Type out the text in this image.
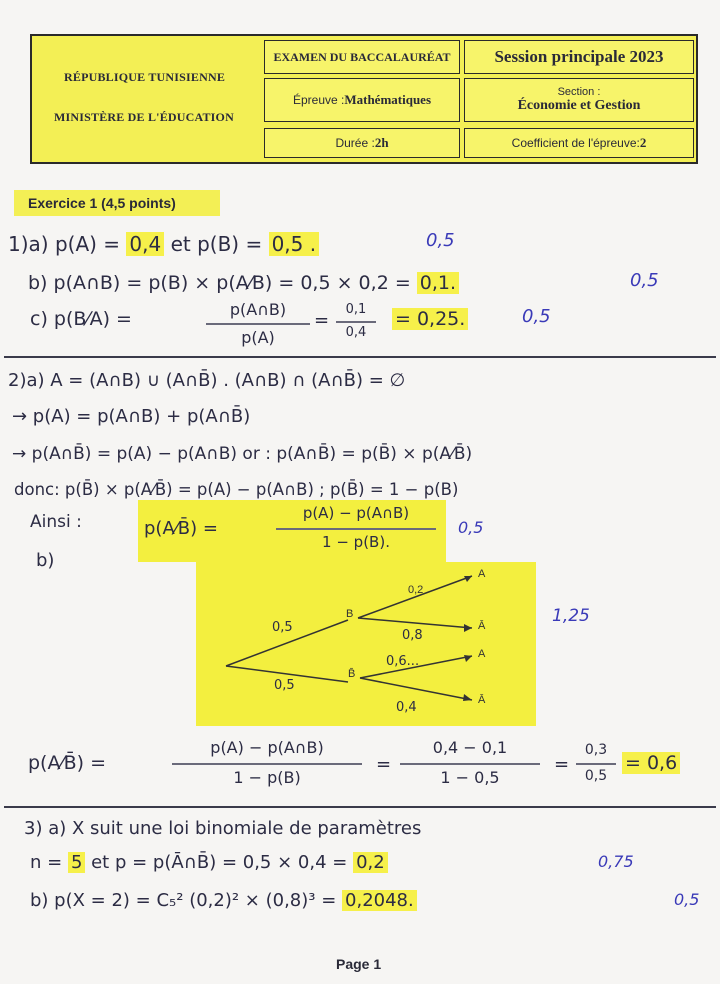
RÉPUBLIQUE TUNISIENNE
MINISTÈRE DE L'ÉDUCATION
EXAMEN DU BACCALAURÉAT	Session principale 2023
Épreuve : Mathématiques	Section :
Économie et Gestion
Durée : 2h	Coefficient de l'épreuve: 2
Exercice 1 (4,5 points)
1)a) p(A) = 0,4 et p(B) = 0,5 .	0,5
b) p(A∩B) = p(B) × p(A⁄B) = 0,5 × 0,2 = 0,1.	0,5
c) p(B⁄A) =	p(A∩B)
p(A)
=
0,1
0,4
= 0,25.	0,5
2)a) A = (A∩B) ∪ (A∩B̄) . (A∩B) ∩ (A∩B̄) = ∅
→ p(A) = p(A∩B) + p(A∩B̄)
→ p(A∩B̄) = p(A) − p(A∩B) or : p(A∩B̄) = p(B̄) × p(A⁄B̄)
donc: p(B̄) × p(A⁄B̄) = p(A) − p(A∩B) ; p(B̄) = 1 − p(B)
Ainsi :	p(A⁄B̄) =
p(A) − p(A∩B)
1 − p(B).
0,5
b)
0,5
0,5
B
B̄
0,2
0,8
0,6...
0,4
A
Ā
A
Ā
1,25
p(A⁄B̄) =
p(A) − p(A∩B)
1 − p(B)
=
0,4 − 0,1
1 − 0,5
=
0,3
0,5
= 0,6
3) a) X suit une loi binomiale de paramètres
n = 5 et p = p(Ā∩B̄) = 0,5 × 0,4 = 0,2	0,75
b) p(X = 2) = C₅² (0,2)² × (0,8)³ = 0,2048.	0,5
Page 1
